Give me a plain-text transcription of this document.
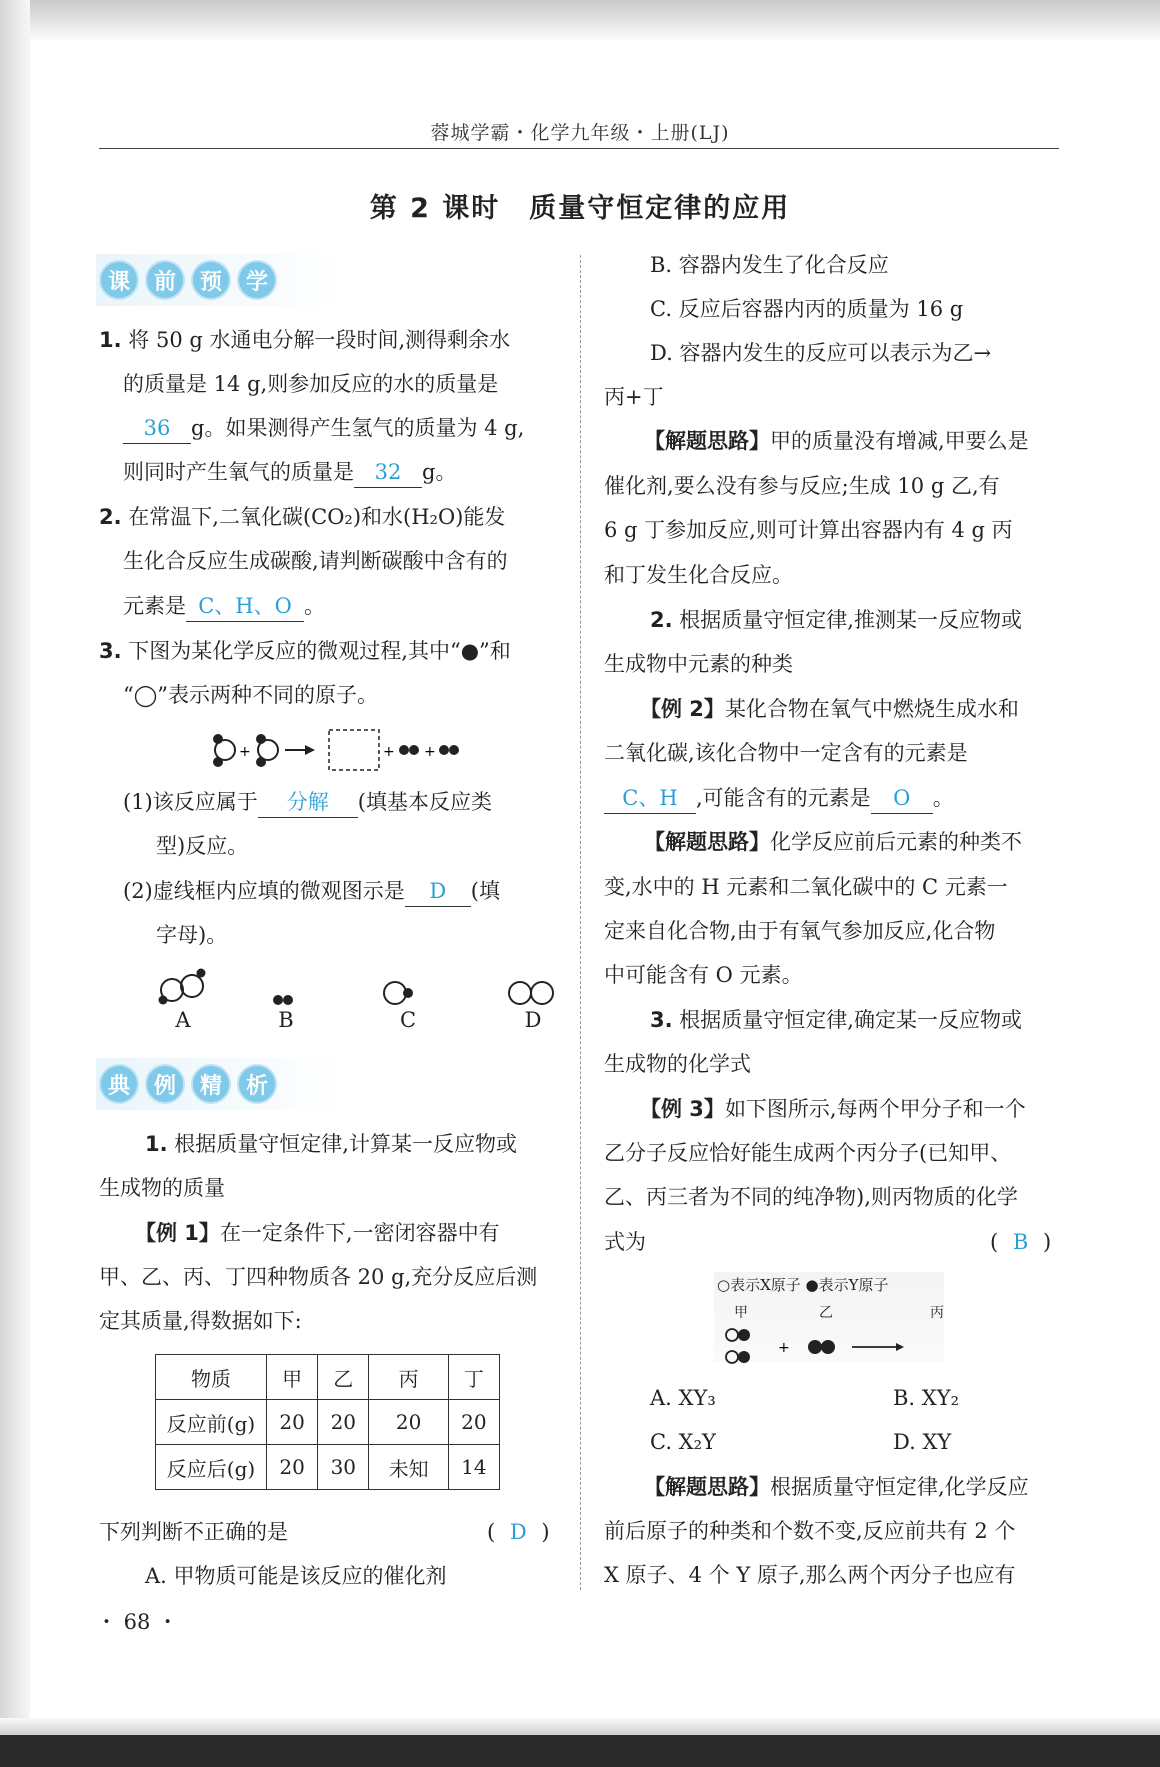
蓉城学霸・化学九年级・上册(LJ)
第 2 课时　质量守恒定律的应用
课	前	预	学
1. 将 50 g 水通电分解一段时间,测得剩余水
的质量是 14 g,则参加反应的水的质量是
36 g。如果测得产生氢气的质量为 4 g,
则同时产生氧气的质量是 32 g。
2. 在常温下,二氧化碳(CO₂)和水(H₂O)能发
生化合反应生成碳酸,请判断碳酸中含有的
元素是 C、H、O 。
3. 下图为某化学反应的微观过程,其中“●”和
“◯”表示两种不同的原子。
+	+ +
(1)该反应属于 分解 (填基本反应类
型)反应。
(2)虚线框内应填的微观图示是 D (填
字母)。
A	B	C	D
典	例	精	析
1. 根据质量守恒定律,计算某一反应物或
生成物的质量
【例 1】在一定条件下,一密闭容器中有
甲、乙、丙、丁四种物质各 20 g,充分反应后测
定其质量,得数据如下:
物质	甲	乙	丙	丁
反应前(g)	20	20	20	20
反应后(g)	20	30	未知	14
下列判断不正确的是	( D )
A. 甲物质可能是该反应的催化剂
・ 68 ・
B. 容器内发生了化合反应
C. 反应后容器内丙的质量为 16 g
D. 容器内发生的反应可以表示为乙→
丙+丁
【解题思路】甲的质量没有增减,甲要么是
催化剂,要么没有参与反应;生成 10 g 乙,有
6 g 丁参加反应,则可计算出容器内有 4 g 丙
和丁发生化合反应。
2. 根据质量守恒定律,推测某一反应物或
生成物中元素的种类
【例 2】某化合物在氧气中燃烧生成水和
二氧化碳,该化合物中一定含有的元素是
C、H ,可能含有的元素是 O 。
【解题思路】化学反应前后元素的种类不
变,水中的 H 元素和二氧化碳中的 C 元素一
定来自化合物,由于有氧气参加反应,化合物
中可能含有 O 元素。
3. 根据质量守恒定律,确定某一反应物或
生成物的化学式
【例 3】如下图所示,每两个甲分子和一个
乙分子反应恰好能生成两个丙分子(已知甲、
乙、丙三者为不同的纯净物),则丙物质的化学
式为	( B )
○表示X原子 ●表示Y原子
甲	乙	丙
+
A. XY₃	B. XY₂
C. X₂Y	D. XY
【解题思路】根据质量守恒定律,化学反应
前后原子的种类和个数不变,反应前共有 2 个
X 原子、4 个 Y 原子,那么两个丙分子也应有
